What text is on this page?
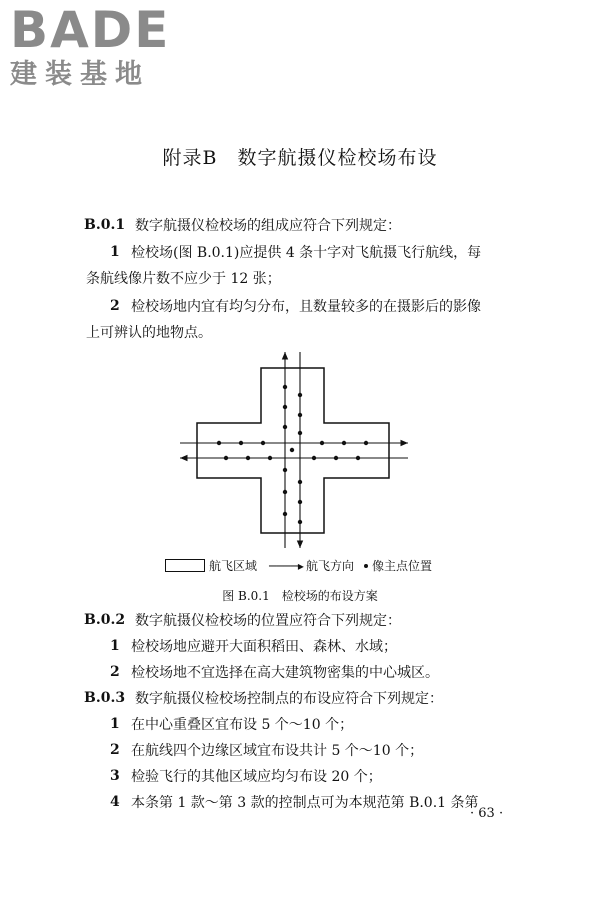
BADE
建装基地
附录B　数字航摄仪检校场布设
B.0.1 数字航摄仪检校场的组成应符合下列规定：
1 检校场(图 B.0.1)应提供 4 条十字对飞航摄飞行航线，每
条航线像片数不应少于 12 张；
2 检校场地内宜有均匀分布，且数量较多的在摄影后的影像
上可辨认的地物点。
航飞区域 ────▸ 航飞方向 像主点位置
图 B.0.1　检校场的布设方案
B.0.2 数字航摄仪检校场的位置应符合下列规定：
1 检校场地应避开大面积稻田、森林、水域；
2 检校场地不宜选择在高大建筑物密集的中心城区。
B.0.3 数字航摄仪检校场控制点的布设应符合下列规定：
1 在中心重叠区宜布设 5 个～10 个；
2 在航线四个边缘区域宜布设共计 5 个～10 个；
3 检验飞行的其他区域应均匀布设 20 个；
4 本条第 1 款～第 3 款的控制点可为本规范第 B.0.1 条第
· 63 ·
